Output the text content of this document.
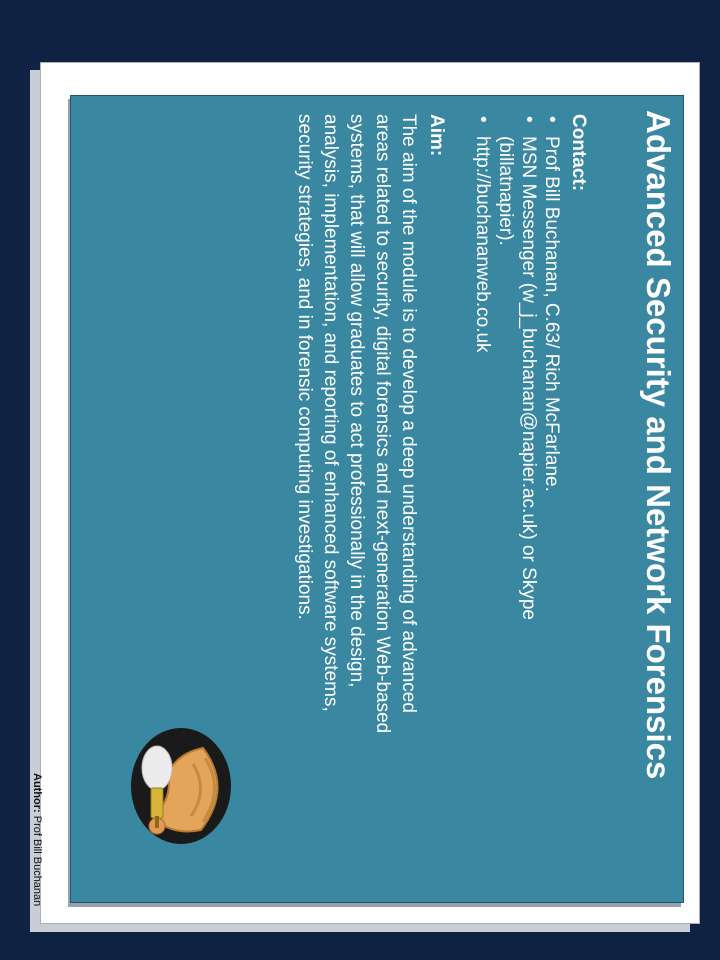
Author: Prof Bill Buchanan
Advanced Security and Network Forensics
Contact:
• Prof Bill Buchanan, C.63/ Rich McFarlane.
• MSN Messenger (w_j_buchanan@napier.ac.uk) or Skype (billatnapier).
• http://buchananweb.co.uk
Aim:

The aim of the module is to develop a deep understanding of advanced areas related to security, digital forensics and next-generation Web-based systems, that will allow graduates to act professionally in the design, analysis, implementation, and reporting of enhanced software systems, security strategies, and in forensic computing investigations.
